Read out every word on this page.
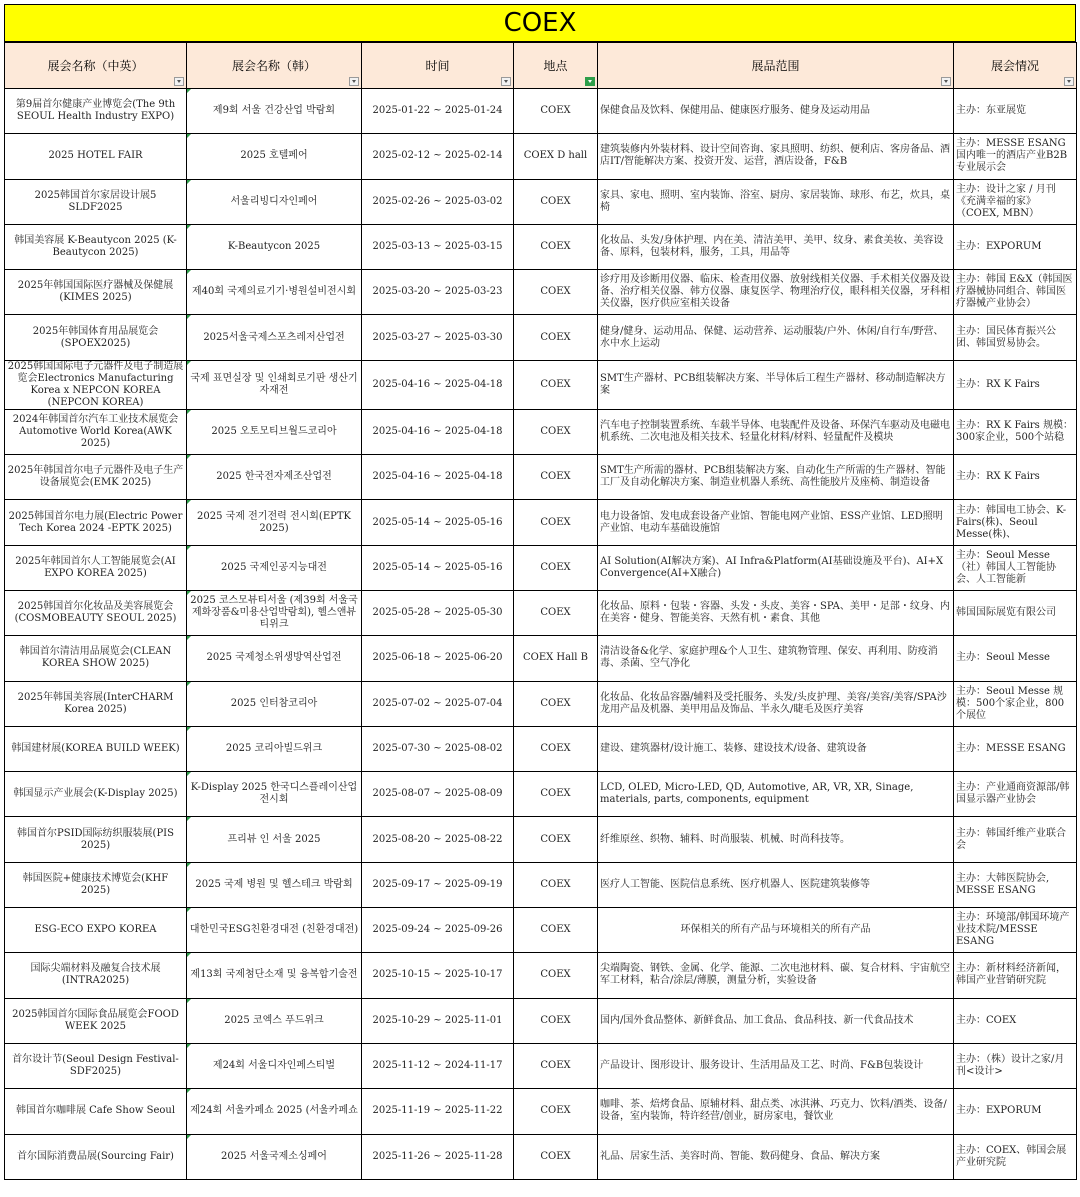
COEX
展会名称（中英）	展会名称（韩）	时间	地点	展品范围	展会情况

第9届首尔健康产业博览会(The 9th SEOUL Health Industry EXPO)	제9회 서울 건강산업 박람회	2025-01-22 ~ 2025-01-24	COEX	保健食品及饮料、保健用品、健康医疗服务、健身及运动用品	主办：东亚展览
2025 HOTEL FAIR	2025 호텔페어	2025-02-12 ~ 2025-02-14	COEX D hall	建筑装修内外装材料、设计空间咨询、家具照明、纺织、便利店、客房备品、酒店IT/智能解决方案、投资开发、运营，酒店设备，F&B	主办：MESSE ESANG 国内唯一的酒店产业B2B专业展示会
2025韩国首尔家居设计展5 SLDF2025	서울리빙디자인페어	2025-02-26 ~ 2025-03-02	COEX	家具、家电、照明、室内装饰、浴室、厨房、家居装饰、球形、布艺，炊具，桌椅	主办：设计之家 / 月刊《充满幸福的家》（COEX, MBN）
韩国美容展 K-Beautycon 2025 (K-Beautycon 2025)	K-Beautycon 2025	2025-03-13 ~ 2025-03-15	COEX	化妆品、头发/身体护理、内在美、清洁美甲、美甲、纹身、素食美妆、美容设备、原料，包装材料，服务，工具，用品等	主办：EXPORUM
2025年韩国国际医疗器械及保健展(KIMES 2025)	제40회 국제의료기기·병원설비전시회	2025-03-20 ~ 2025-03-23	COEX	诊疗用及诊断用仪器、临床、检查用仪器、放射线相关仪器、手术相关仪器及设备、治疗相关仪器、韩方仪器、康复医学、物理治疗仪，眼科相关仪器，牙科相关仪器，医疗供应室相关设备	主办：韩国 E&X（韩国医疗器械协同组合、韩国医疗器械产业协会）
2025年韩国体育用品展览会(SPOEX2025)	2025서울국제스포츠레저산업전	2025-03-27 ~ 2025-03-30	COEX	健身/健身、运动用品、保健、运动营养、运动服装/户外、休闲/自行车/野营、水中水上运动	主办：国民体育振兴公团、韩国贸易协会。
2025韩国国际电子元器件及电子制造展览会Electronics Manufacturing Korea x NEPCON KOREA (NEPCON KOREA)	국제 표면실장 및 인쇄회로기판 생산기자재전	2025-04-16 ~ 2025-04-18	COEX	SMT生产器材、PCB组装解决方案、半导体后工程生产器材、移动制造解决方案	主办：RX K Fairs
2024年韩国首尔汽车工业技术展览会Automotive World Korea(AWK 2025)	2025 오토모티브월드코리아	2025-04-16 ~ 2025-04-18	COEX	汽车电子控制装置系统、车载半导体、电装配件及设备、环保汽车驱动及电磁电机系统、二次电池及相关技术、轻量化材料/材料、轻量配件及模块	主办：RX K Fairs 规模：300家企业，500个站稳
2025年韩国首尔电子元器件及电子生产设备展览会(EMK 2025)	2025 한국전자제조산업전	2025-04-16 ~ 2025-04-18	COEX	SMT生产所需的器材、PCB组装解决方案、自动化生产所需的生产器材、智能工厂及自动化解决方案、制造业机器人系统、高性能胶片及座椅、制造设备	主办：RX K Fairs
2025韩国首尔电力展(Electric Power Tech Korea 2024 -EPTK 2025)	2025 국제 전기전력 전시회(EPTK 2025)	2025-05-14 ~ 2025-05-16	COEX	电力设备馆、发电成套设备产业馆、智能电网产业馆、ESS产业馆、LED照明产业馆、电动车基础设施馆	主办：韩国电工协会、K-Fairs(株)、Seoul Messe(株)、
2025年韩国首尔人工智能展览会(AI EXPO KOREA 2025)	2025 국제인공지능대전	2025-05-14 ~ 2025-05-16	COEX	AI Solution(AI解决方案)、AI Infra&Platform(AI基础设施及平台)、AI+X Convergence(AI+X融合)	主办：Seoul Messe（社）韩国人工智能协会、人工智能新
2025韩国首尔化妆品及美容展览会(COSMOBEAUTY SEOUL 2025)	2025 코스모뷰티서울 (제39회 서울국제화장품&미용산업박람회), 헬스앤뷰티위크	2025-05-28 ~ 2025-05-30	COEX	化妆品、原料・包装・容器、头发・头皮、美容・SPA、美甲・足部・纹身、内在美容・健身、智能美容、天然有机・素食、其他	韩国国际展览有限公司
韩国首尔清洁用品展览会(CLEAN KOREA SHOW 2025)	2025 국제청소위생방역산업전	2025-06-18 ~ 2025-06-20	COEX Hall B	清洁设备&化学、家庭护理&个人卫生、建筑物管理、保安、再利用、防疫消毒、杀菌、空气净化	主办：Seoul Messe
2025年韩国美容展(InterCHARM Korea 2025)	2025 인터참코리아	2025-07-02 ~ 2025-07-04	COEX	化妆品、化妆品容器/辅料及受托服务、头发/头皮护理、美容/美容/美容/SPA沙龙用产品及机器、美甲用品及饰品、半永久/睫毛及医疗美容	主办：Seoul Messe 规模：500个家企业，800个展位
韩国建材展(KOREA BUILD WEEK)	2025 코리아빌드위크	2025-07-30 ~ 2025-08-02	COEX	建设、建筑器材/设计施工、装修、建设技术/设备、建筑设备	主办：MESSE ESANG
韩国显示产业展会(K-Display 2025)	K-Display 2025 한국디스플레이산업전시회	2025-08-07 ~ 2025-08-09	COEX	LCD, OLED, Micro-LED, QD, Automotive, AR, VR, XR, Sinage, materials, parts, components, equipment	主办：产业通商资源部/韩国显示器产业协会
韩国首尔PSID国际纺织服装展(PIS 2025)	프리뷰 인 서울 2025	2025-08-20 ~ 2025-08-22	COEX	纤维原丝、织物、辅料、时尚服装、机械、时尚科技等。	主办：韩国纤维产业联合会
韩国医院+健康技术博览会(KHF 2025)	2025 국제 병원 및 헬스테크 박람회	2025-09-17 ~ 2025-09-19	COEX	医疗人工智能、医院信息系统、医疗机器人、医院建筑装修等	主办：大韩医院协会, MESSE ESANG
ESG-ECO EXPO KOREA	대한민국ESG친환경대전 (친환경대전)	2025-09-24 ~ 2025-09-26	COEX	环保相关的所有产品与环境相关的所有产品	主办：环境部/韩国环境产业技术院/MESSE ESANG
国际尖端材料及融复合技术展(INTRA2025)	제13회 국제첨단소재 및 융복합기술전	2025-10-15 ~ 2025-10-17	COEX	尖端陶瓷、钢铁、金属、化学、能源、二次电池材料、碳、复合材料、宇宙航空军工材料，粘合/涂层/薄膜，测量分析，实验设备	主办：新材料经济新闻，韩国产业营销研究院
2025韩国首尔国际食品展览会FOOD WEEK 2025	2025 코엑스 푸드위크	2025-10-29 ~ 2025-11-01	COEX	国内/国外食品整体、新鲜食品、加工食品、食品科技、新一代食品技术	主办：COEX
首尔设计节(Seoul Design Festival-SDF2025)	제24회 서울디자인페스티벌	2025-11-12 ~ 2024-11-17	COEX	产品设计、图形设计、服务设计、生活用品及工艺、时尚、F&B包装设计	主办：（株）设计之家/月刊<设计>
韩国首尔咖啡展 Cafe Show Seoul	제24회 서울카페쇼 2025 (서울카페쇼	2025-11-19 ~ 2025-11-22	COEX	咖啡、茶、焙烤食品、原辅材料、甜点类、冰淇淋、巧克力、饮料/酒类、设备/设备，室内装饰，特许经营/创业，厨房家电，餐饮业	主办：EXPORUM
首尔国际消费品展(Sourcing Fair)	2025 서울국제소싱페어	2025-11-26 ~ 2025-11-28	COEX	礼品、居家生活、美容时尚、智能、数码健身、食品、解决方案	主办：COEX、韩国会展产业研究院
